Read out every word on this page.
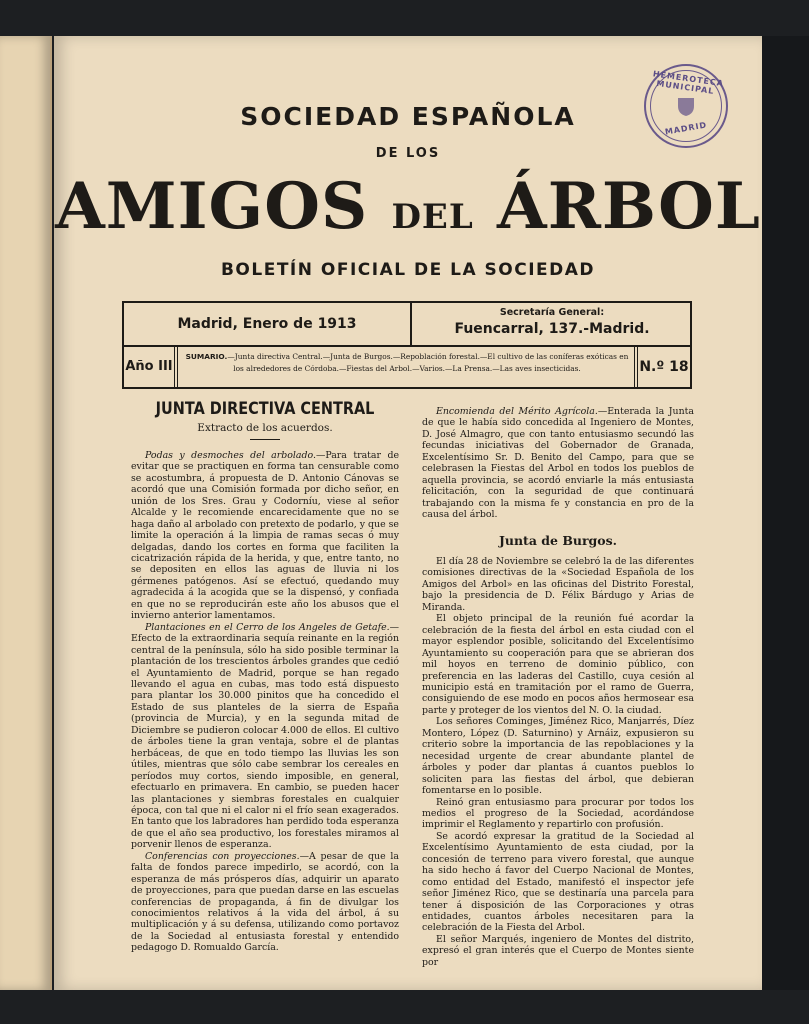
HEMEROTECA MUNICIPAL
MADRID
SOCIEDAD ESPAÑOLA
DE LOS
AMIGOS DEL ÁRBOL
BOLETÍN OFICIAL DE LA SOCIEDAD
Madrid, Enero de 1913
Secretaría General:
Fuencarral, 137.-Madrid.
Año III
SUMARIO.—Junta directiva Central.—Junta de Burgos.—Repoblación forestal.—El cultivo de las coníferas exóticas en los alrededores de Córdoba.—Fiestas del Arbol.—Varios.—La Prensa.—Las aves insecticidas.	N.º 18
JUNTA DIRECTIVA CENTRAL
Extracto de los acuerdos.

Podas y desmoches del arbolado.—Para tratar de evitar que se practiquen en forma tan censurable como se acostumbra, á propuesta de D. Antonio Cánovas se acordó que una Comisión formada por dicho señor, en unión de los Sres. Grau y Codorníu, viese al señor Alcalde y le recomiende encarecidamente que no se haga daño al arbolado con pretexto de podarlo, y que se limite la operación á la limpia de ramas secas ó muy delgadas, dando los cortes en forma que faciliten la cicatrización rápida de la herida, y que, entre tanto, no se depositen en ellos las aguas de lluvia ni los gérmenes patógenos. Así se efectuó, quedando muy agradecida á la acogida que se la dispensó, y confiada en que no se reproducirán este año los abusos que el invierno anterior lamentamos.

Plantaciones en el Cerro de los Angeles de Getafe.—Efecto de la extraordinaria sequía reinante en la región central de la península, sólo ha sido posible terminar la plantación de los trescientos árboles grandes que cedió el Ayuntamiento de Madrid, porque se han regado llevando el agua en cubas, mas todo está dispuesto para plantar los 30.000 pinitos que ha concedido el Estado de sus planteles de la sierra de España (provincia de Murcia), y en la segunda mitad de Diciembre se pudieron colocar 4.000 de ellos. El cultivo de árboles tiene la gran ventaja, sobre el de plantas herbáceas, de que en todo tiempo las lluvias les son útiles, mientras que sólo cabe sembrar los cereales en períodos muy cortos, siendo imposible, en general, efectuarlo en primavera. En cambio, se pueden hacer las plantaciones y siembras forestales en cualquier época, con tal que ni el calor ni el frío sean exagerados. En tanto que los labradores han perdido toda esperanza de que el año sea productivo, los forestales miramos al porvenir llenos de esperanza.

Conferencias con proyecciones.—A pesar de que la falta de fondos parece impedirlo, se acordó, con la esperanza de más prósperos días, adquirir un aparato de proyecciones, para que puedan darse en las escuelas conferencias de propaganda, á fin de divulgar los conocimientos relativos á la vida del árbol, á su multiplicación y á su defensa, utilizando como portavoz de la Sociedad al entusiasta forestal y entendido pedagogo D. Romualdo García.

Encomienda del Mérito Agrícola.—Enterada la Junta de que le había sido concedida al Ingeniero de Montes, D. José Almagro, que con tanto entusiasmo secundó las fecundas iniciativas del Gobernador de Granada, Excelentísimo Sr. D. Benito del Campo, para que se celebrasen la Fiestas del Arbol en todos los pueblos de aquella provincia, se acordó enviarle la más entusiasta felicitación, con la seguridad de que continuará trabajando con la misma fe y constancia en pro de la causa del árbol.

Junta de Burgos.

El día 28 de Noviembre se celebró la de las diferentes comisiones directivas de la «Sociedad Española de los Amigos del Arbol» en las oficinas del Distrito Forestal, bajo la presidencia de D. Félix Bárdugo y Arias de Miranda.

El objeto principal de la reunión fué acordar la celebración de la fiesta del árbol en esta ciudad con el mayor esplendor posible, solicitando del Excelentísimo Ayuntamiento su cooperación para que se abrieran dos mil hoyos en terreno de dominio público, con preferencia en las laderas del Castillo, cuya cesión al municipio está en tramitación por el ramo de Guerra, consiguiendo de ese modo en pocos años hermosear esa parte y proteger de los vientos del N. O. la ciudad.

Los señores Cominges, Jiménez Rico, Manjarrés, Díez Montero, López (D. Saturnino) y Arnáiz, expusieron su criterio sobre la importancia de las repoblaciones y la necesidad urgente de crear abundante plantel de árboles y poder dar plantas á cuantos pueblos lo soliciten para las fiestas del árbol, que debieran fomentarse en lo posible.

Reinó gran entusiasmo para procurar por todos los medios el progreso de la Sociedad, acordándose imprimir el Reglamento y repartirlo con profusión.

Se acordó expresar la gratitud de la Sociedad al Excelentísimo Ayuntamiento de esta ciudad, por la concesión de terreno para vivero forestal, que aunque ha sido hecho á favor del Cuerpo Nacional de Montes, como entidad del Estado, manifestó el inspector jefe señor Jiménez Rico, que se destinaría una parcela para tener á disposición de las Corporaciones y otras entidades, cuantos árboles necesitaren para la celebración de la Fiesta del Arbol.

El señor Marqués, ingeniero de Montes del distrito, expresó el gran interés que el Cuerpo de Montes siente por
